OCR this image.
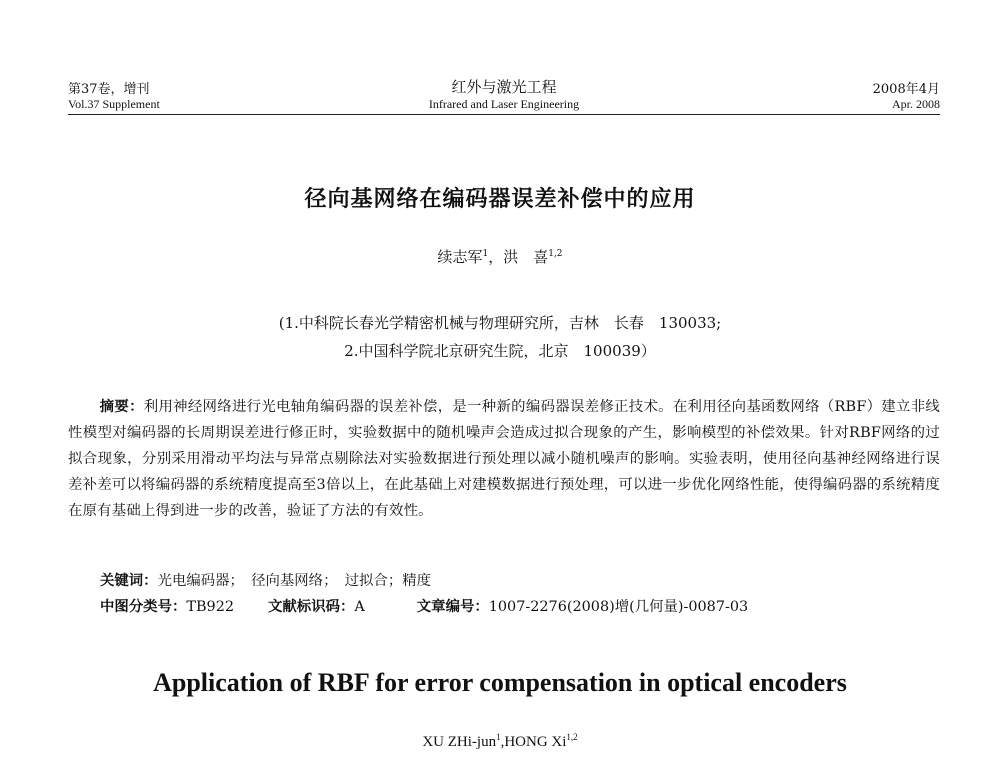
第37卷，增刊
Vol.37 Supplement
红外与激光工程
Infrared and Laser Engineering
2008年4月
Apr. 2008
径向基网络在编码器误差补偿中的应用
续志军$^1$，洪　喜$^{1,2}$
(1.中科院长春光学精密机械与物理研究所，吉林　长春　130033;
2.中国科学院北京研究生院，北京　100039）

摘要：利用神经网络进行光电轴角编码器的误差补偿，是一种新的编码器误差修正技术。在利用径向基函数网络（RBF）建立非线性模型对编码器的长周期误差进行修正时，实验数据中的随机噪声会造成过拟合现象的产生，影响模型的补偿效果。针对RBF网络的过拟合现象，分别采用滑动平均法与异常点剔除法对实验数据进行预处理以减小随机噪声的影响。实验表明，使用径向基神经网络进行误差补差可以将编码器的系统精度提高至3倍以上，在此基础上对建模数据进行预处理，可以进一步优化网络性能，使得编码器的系统精度在原有基础上得到进一步的改善，验证了方法的有效性。

关键词：光电编码器；　径向基网络；　过拟合；精度
中图分类号：TB922 文献标识码：A	文章编号：1007-2276(2008)增(几何量)-0087-03
Application of RBF for error compensation in optical encoders
XU ZHi-jun$^1$,HONG Xi$^{1,2}$
